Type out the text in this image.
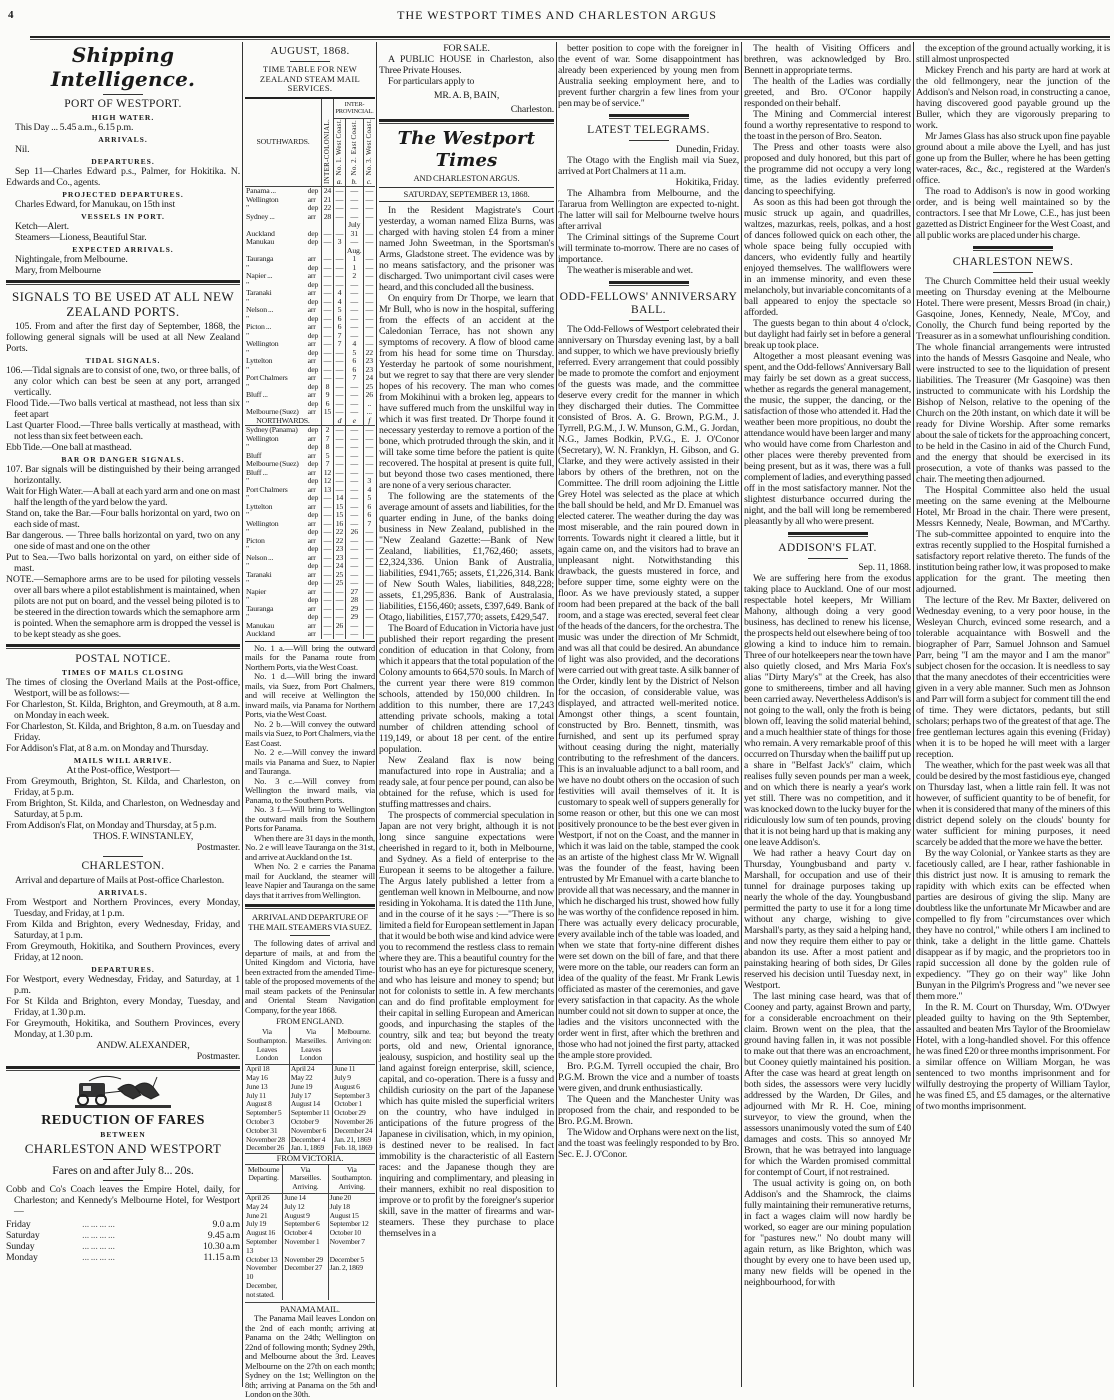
4	THE WESTPORT TIMES AND CHARLESTON ARGUS
Shipping Intelligence.
PORT OF WESTPORT.
HIGH WATER.

This Day ... 5.45 a.m., 6.15 p.m.

ARRIVALS.

Nil.

DEPARTURES.

Sep 11—Charles Edward p.s., Palmer, for Hokitika. N. Edwards and Co., agents.

PROJECTED DEPARTURES.

Charles Edward, for Manukau, on 15th inst

VESSELS IN PORT.

Ketch—Alert.

Steamers—Lioness, Beautiful Star.

EXPECTED ARRIVALS.

Nightingale, from Melbourne.

Mary, from Melbourne

SIGNALS TO BE USED AT ALL NEW ZEALAND PORTS.

105. From and after the first day of September, 1868, the following general signals will be used at all New Zealand Ports.

TIDAL SIGNALS.

106.—Tidal signals are to consist of one, two, or three balls, of any color which can best be seen at any port, arranged vertically.

Flood Tide.—Two balls vertical at masthead, not less than six feet apart

Last Quarter Flood.—Three balls vertically at masthead, with not less than six feet between each.

Ebb Tide.—One ball at masthead.

BAR OR DANGER SIGNALS.

107. Bar signals will be distinguished by their being arranged horizontally.

Wait for High Water.—A ball at each yard arm and one on mast half the length of the yard below the yard.

Stand on, take the Bar.—Four balls horizontal on yard, two on each side of mast.

Bar dangerous. — Three balls horizontal on yard, two on any one side of mast and one on the other

Put to Sea.—Two balls horizontal on yard, on either side of mast.

NOTE.—Semaphore arms are to be used for piloting vessels over all bars where a pilot establishment is maintained, when pilots are not put on board, and the vessel being piloted is to be steered in the direction towards which the semaphore arm is pointed. When the semaphore arm is dropped the vessel is to be kept steady as she goes.

POSTAL NOTICE.
TIMES OF MAILS CLOSING

The times of closing the Overland Mails at the Post-office, Westport, will be as follows:—

For Charleston, St. Kilda, Brighton, and Greymouth, at 8 a.m. on Monday in each week.

For Charleston, St. Kilda, and Brighton, 8 a.m. on Tuesday and Friday.

For Addison's Flat, at 8 a.m. on Monday and Thursday.

MAILS WILL ARRIVE.

At the Post-office, Westport—

From Greymouth, Brighton, St. Kilda, and Charleston, on Friday, at 5 p.m.

From Brighton, St. Kilda, and Charleston, on Wednesday and Saturday, at 5 p.m.

From Addison's Flat, on Monday and Thursday, at 5 p.m.

THOS. F. WINSTANLEY,

Postmaster.

CHARLESTON.

Arrival and departure of Mails at Post-office Charleston.

ARRIVALS.

From Westport and Northern Provinces, every Monday, Tuesday, and Friday, at 1 p.m.

From Kilda and Brighton, every Wednesday, Friday, and Saturday, at 1 p.m.

From Greymouth, Hokitika, and Southern Provinces, every Friday, at 12 noon.

DEPARTURES.

For Westport, every Wednesday, Friday, and Saturday, at 1 p.m.

For St Kilda and Brighton, every Monday, Tuesday, and Friday, at 1.30 p.m.

For Greymouth, Hokitika, and Southern Provinces, every Monday, at 1.30 p.m.

ANDW. ALEXANDER,

Postmaster.

REDUCTION OF FARES
BETWEEN
CHARLESTON AND WESTPORT
Fares on and after July 8... 20s.

Cobb and Co's Coach leaves the Empire Hotel, daily, for Charleston; and Kennedy's Melbourne Hotel, for Westport—

Friday	... ... ... ...	9.0 a.m
Saturday	... ... ... ...	9.45 a.m
Sunday	... ... ... ...	10.30 a.m
Monday	... ... ... ...	11.15 a.m
AUGUST, 1868.
TIME TABLE FOR NEW ZEALAND STEAM MAIL SERVICES.
SOUTHWARDS.		INTER-COLONIAL.	INTER-PROVINCIAL.		
			West Coast.
No. 1.
a.	East Coast.
No. 2.
b.	West Coast.
No. 3.
c.
Panama ...	dep	24	—	—	—
Wellington	arr	21	—	—	—
"	dep	22	—	—	—
Sydney ...	arr	28	—	—	—
				July	
Auckland	dep	—	—	31	—
Manukau	dep	—	3	—	—
				Aug.	
Tauranga	arr	—	—	1	—
"	dep	—	—	1	—
Napier ...	arr	—	—	2	—
"	dep	—	—	—	—
Taranaki	arr	—	4	—	—
"	dep	—	4	—	—
Nelson ...	arr	—	5	—	—
"	dep	—	6	—	—
Picton ...	arr	—	6	—	—
"	dep	—	7	—	—
Wellington	arr	—	7	4	—
"	dep	—	—	5	22
Lyttelton	arr	—	—	6	23
"	dep	—	—	6	23
Port Chalmers	arr	—	—	7	24
"	dep	8	—	—	25
Bluff ...	arr	9	—	—	26
"	dep	6	—	—	..
Melbourne (Suez)	arr	15	—	—	...
NORTHWARDS.			d	e	f
Sydney (Panama)	dep	2	—	—	—
Wellington	arr	7	—	—	—
"	dep	8	—	—	—
Bluff	arr	5	—	—	—
Melbourne (Suez)	dep	7	—	—	—
Bluff ...	arr	12	—	—	—
"	dep	12	—	—	3
Port Chalmers	arr	13	—	—	4
"	dep	—	14	—	5
Lyttelton	arr	—	15	—	6
"	dep	—	15	—	6
Wellington	arr	—	16	—	7
"	dep	—	22	26	—
Picton	arr	—	22	—	—
"	dep	—	23	—	—
Nelson ...	arr	—	23	—	—
"	dep	—	24	—	—
Taranaki	arr	—	25	—	—
"	dep	—	25	—	—
Napier	arr	—	—	27	—
"	dep	—	—	28	—
Tauranga	arr	—	—	29	—
"	dep	—	—	29	—
Manukau	arr	—	26	—	—
Auckland	arr	—	—	—	—

No. 1 a.—Will bring the outward mails for the Panama route from Northern Ports, via the West Coast.

No. 1 d.—Will bring the inward mails, via Suez, from Port Chalmers, and will receive at Wellington the inward mails, via Panama for Northern Ports, via the West Coast.

No. 2 b.—Will convey the outward mails via Suez, to Port Chalmers, via the East Coast.

No. 2 e.—Will convey the inward mails via Panama and Suez, to Napier and Tauranga.

No. 3 c.—Will convey from Wellington the inward mails, via Panama, to the Southern Ports.

No. 3 f.—Will bring to Wellington the outward mails from the Southern Ports for Panama.

When there are 31 days in the month, No. 2 e will leave Tauranga on the 31st, and arrive at Auckland on the 1st.

When No. 2 e carries the Panama mail for Auckland, the steamer will leave Napier and Tauranga on the same days that it arrives from Wellington.

ARRIVAL AND DEPARTURE OF THE MAIL STEAMERS VIA SUEZ.

The following dates of arrival and departure of mails, at and from the United Kingdom and Victoria, have been extracted from the amended Time-table of the proposed movements of the mail steam packets of the Peninsular and Oriental Steam Navigation Company, for the year 1868.

FROM ENGLAND.
Via Southampton. Leaves London	Via Marseilles. Leaves London	Melbourne. Arriving on:
April 18	April 24	June 11
May 16	May 22	July 9
June 13	June 19	August 6
July 11	July 17	September 3
August 8	August 14	October 1
September 5	September 11	October 29
October 3	October 9	November 26
October 31	November 6	December 24
November 28	December 4	Jan. 21, 1869
December 26	Jan. 1, 1869	Feb. 18, 1869
FROM VICTORIA.
Melbourne Departing.	Via Marseilles. Arriving.	Via Southampton. Arriving.
April 26	June 14	June 20
May 24	July 12	July 18
June 21	August 9	August 15
July 19	September 6	September 12
August 16	October 4	October 10
September 13	November 1	November 7
October 13	November 29	December 5
November 10	December 27	Jan. 2, 1869
December, not stated.		
PANAMA MAIL.

The Panama Mail leaves London on the 2nd of each month; arriving at Panama on the 24th; Wellington on 22nd of following month; Sydney 29th, and Melbourne about the 3rd. Leaves Melbourne on the 27th on each month; Sydney on the 1st; Wellington on the 8th; arriving at Panama on the 5th and London on the 30th.

FOR SALE.

A PUBLIC HOUSE in Charleston, also Three Private Houses.

For particulars apply to

MR. A. B, BAIN,

Charleston.

The Westport Times
AND CHARLESTON ARGUS.
SATURDAY, SEPTEMBER 13, 1868.

In the Resident Magistrate's Court yesterday, a woman named Eliza Burns, was charged with having stolen £4 from a miner named John Sweetman, in the Sportsman's Arms, Gladstone street. The evidence was by no means satisfactory, and the prisoner was discharged. Two unimportant civil cases were heard, and this concluded all the business.

On enquiry from Dr Thorpe, we learn that Mr Bull, who is now in the hospital, suffering from the effects of an accident at the Caledonian Terrace, has not shown any symptoms of recovery. A flow of blood came from his head for some time on Thursday. Yesterday he partook of some nourishment, but we regret to say that there are very slender hopes of his recovery. The man who comes from Mokihinui with a broken leg, appears to have suffered much from the unskilful way in which it was first treated. Dr Thorpe found it necessary yesterday to remove a portion of the bone, which protruded through the skin, and it will take some time before the patient is quite recovered. The hospital at present is quite full, but beyond those two cases mentioned, there are none of a very serious character.

The following are the statements of the average amount of assets and liabilities, for the quarter ending in June, of the banks doing business in New Zealand, published in the "New Zealand Gazette:—Bank of New Zealand, liabilities, £1,762,460; assets, £2,324,336. Union Bank of Australia, liabilities, £941,765; assets, £1,226,314. Bank of New South Wales, liabilities, 848,228; assets, £1,295,836. Bank of Australasia, liabilities, £156,460; assets, £397,649. Bank of Otago, liabilities, £157,770; assets, £429,547.

The Board of Education in Victoria have just published their report regarding the present condition of education in that Colony, from which it appears that the total population of the Colony amounts to 664,570 souls. In March of the current year there were 819 common schools, attended by 150,000 children. In addition to this number, there are 17,243 attending private schools, making a total number of children attending school of 119,149, or about 18 per cent. of the entire population.

New Zealand flax is now being manufactured into rope in Australia; and a ready sale, at four pence per pound, can also be obtained for the refuse, which is used for stuffing mattresses and chairs.

The prospects of commercial speculation in Japan are not very bright, although it is not long since sanguine expectations were cheerished in regard to it, both in Melbourne, and Sydney. As a field of enterprise to the European it seems to be altogether a failure. The Argus lately published a letter from a gentleman well known in Melbourne, and now residing in Yokohama. It is dated the 11th June, and in the course of it he says :—"There is so limited a field for European settlement in Japan that it would be both wise and kind advice were you to recommend the restless class to remain where they are. This a beautiful country for the tourist who has an eye for picturesque scenery, and who has leisure and money to spend; but not for colonists to settle in. A few merchants can and do find profitable employment for their capital in selling European and American goods, and inpurchasing the staples of the country, silk and tea; but beyond the treaty ports, old and new, Oriental ignorance, jealousy, suspicion, and hostility seal up the land against foreign enterprise, skill, science, capital, and co-operation. There is a fussy and childish curiosity on the part of the Japanese which has quite misled the superficial writers on the country, who have indulged in anticipations of the future progress of the Japanese in civilisation, which, in my opinion, is destined never to be realised. In fact immobility is the characteristic of all Eastern races: and the Japanese though they are inquiring and complimentary, and pleasing in their manners, exhibit no real disposition to improve or to profit by the foreigner's superior skill, save in the matter of firearms and war-steamers. These they purchase to place themselves in a

better position to cope with the foreigner in the event of war. Some disappointment has already been experienced by young men from Australia seeking employment here, and to prevent further chargrin a few lines from your pen may be of service."

LATEST TELEGRAMS.

Dunedin, Friday.

The Otago with the English mail via Suez, arrived at Port Chalmers at 11 a.m.

Hokitika, Friday.

The Alhambra from Melbourne, and the Tararua from Wellington are expected to-night. The latter will sail for Melbourne twelve hours after arrival

The Criminal sittings of the Supreme Court will terminate to-morrow. There are no cases of importance.

The weather is miserable and wet.

ODD-FELLOWS' ANNIVERSARY BALL.

The Odd-Fellows of Westport celebrated their anniversary on Thursday evening last, by a ball and supper, to which we have previously briefly referred. Every arrangement that could possibly be made to promote the comfort and enjoyment of the guests was made, and the committee deserve every credit for the manner in which they discharged their duties. The Committee consisted of Bros. A. G. Brown, P.G.M., J. Tyrrell, P.G.M., J. W. Munson, G.M., G. Jordan, N.G., James Bodkin, P.V.G., E. J. O'Conor (Secretary), W. N. Franklyn, H. Gibson, and G. Clarke, and they were actively assisted in their labors by others of the brethren, not on the Committee. The drill room adjoining the Little Grey Hotel was selected as the place at which the ball should be held, and Mr D. Emanuel was elected caterer. The weather during the day was most miserable, and the rain poured down in torrents. Towards night it cleared a little, but it again came on, and the visitors had to brave an unpleasant night. Notwithstanding this drawback, the guests mustered in force, and before supper time, some eighty were on the floor. As we have previously stated, a supper room had been prepared at the back of the ball room, and a stage was erected, several feet clear of the heads of the dancers, for the orchestra. The music was under the direction of Mr Schmidt, and was all that could be desired. An abundance of light was also provided, and the decorations were carried out with great taste. A silk banner of the Order, kindly lent by the District of Nelson for the occasion, of considerable value, was displayed, and attracted well-merited notice. Amongst other things, a scent fountain, constructed by Bro. Bennett, tinsmith, was furnished, and sent up its perfumed spray without ceasing during the night, materially contributing to the refreshment of the dancers. This is an invaluable adjunct to a ball room, and we have no doubt others on the occasion of such festivities will avail themselves of it. It is customary to speak well of suppers generally for some reason or other, but this one we can most positively pronounce to be the best ever given in Westport, if not on the Coast, and the manner in which it was laid on the table, stamped the cook as an artiste of the highest class Mr W. Wignall was the founder of the feast, having been entrusted by Mr Emanuel with a carte blanche to provide all that was necessary, and the manner in which he discharged his trust, showed how fully he was worthy of the confidence reposed in him. There was actually every delicacy procurable, every available inch of the table was loaded, and when we state that forty-nine different dishes were set down on the bill of fare, and that there were more on the table, our readers can form an idea of the quality of the feast. Mr Frank Lewis officiated as master of the ceremonies, and gave every satisfaction in that capacity. As the whole number could not sit down to supper at once, the ladies and the visitors unconnected with the order went in first, after which the brethren and those who had not joined the first party, attacked the ample store provided.

Bro. P.G.M. Tyrrell occupied the chair, Bro P.G.M. Brown the vice and a number of toasts were given, and drunk enthusiastically.

The Queen and the Manchester Unity was proposed from the chair, and responded to be Bro. P.G.M. Brown.

The Widow and Orphans were next on the list, and the toast was feelingly responded to by Bro. Sec. E. J. O'Conor.

The health of Visiting Officers and brethren, was acknowledged by Bro. Bennett in appropriate terms.

The health of the Ladies was cordially greeted, and Bro. O'Conor happily responded on their behalf.

The Mining and Commercial interest found a worthy representative to respond to the toast in the person of Bro. Seaton.

The Press and other toasts were also proposed and duly honored, but this part of the programme did not occupy a very long time, as the ladies evidently preferred dancing to speechifying.

As soon as this had been got through the music struck up again, and quadrilles, waltzes, mazurkas, reels, polkas, and a host of dances followed quick on each other, the whole space being fully occupied with dancers, who evidently fully and heartily enjoyed themselves. The wallflowers were in an immense minority, and even these melancholy, but invariable concomitants of a ball appeared to enjoy the spectacle so afforded.

The guests began to thin about 4 o'clock, but daylight had fairly set in before a general break up took place.

Altogether a most pleasant evening was spent, and the Odd-fellows' Anniversary Ball may fairly be set down as a great success, whether as regards the general management, the music, the supper, the dancing, or the satisfaction of those who attended it. Had the weather been more propitious, no doubt the attendance would have been larger and many who would have come from Charleston and other places were thereby prevented from being present, but as it was, there was a full complement of ladies, and everything passed off in the most satisfactory manner. Not the slightest disturbance occurred during the night, and the ball will long be remembered pleasantly by all who were present.

ADDISON'S FLAT.

Sep. 11, 1868.

We are suffering here from the exodus taking place to Auckland. One of our most respectable hotel keepers, Mr William Mahony, although doing a very good business, has declined to renew his license, the prospects held out elsewhere being of too glowing a kind to induce him to remain. Three of our hotelkeepers near the town have also quietly closed, and Mrs Maria Fox's alias "Dirty Mary's" at the Creek, has also gone to smithereens, timber and all having been carried away. Nevertheless Addison's is not going to the wall, only the froth is being blown off, leaving the solid material behind, and a much healthier state of things for those who remain. A very remarkable proof of this occurred on Thursday when the bailiff put up a share in "Belfast Jack's" claim, which realises fully seven pounds per man a week, and on which there is nearly a year's work yet still. There was no competition, and it was knocked down to the lucky buyer for the ridiculously low sum of ten pounds, proving that it is not being hard up that is making any one leave Addison's.

We had rather a heavy Court day on Thursday, Youngbusband and party v. Marshall, for occupation and use of their tunnel for drainage purposes taking up nearly the whole of the day. Youngbusband permitted the party to use it for a long time without any charge, wishing to give Marshall's party, as they said a helping hand, and now they require them either to pay or abandon its use. After a most patient and painstaking hearing of both sides, Dr Giles reserved his decision until Tuesday next, in Westport.

The last mining case heard, was that of Cooney and party, against Brown and party, for a considerable encroachment on their claim. Brown went on the plea, that the ground having fallen in, it was not possible to make out that there was an encroachment, but Cooney quietly maintained his position. After the case was heard at great length on both sides, the assessors were very lucidly addressed by the Warden, Dr Giles, and adjourned with Mr R. H. Coe, mining surveyor, to view the ground, when the assessors unanimously voted the sum of £40 damages and costs. This so annoyed Mr Brown, that he was betrayed into language for which the Warden promised committal for contempt of Court, if not restrained.

The usual activity is going on, on both Addison's and the Shamrock, the claims fully maintaining their remunerative returns, in fact a wages claim will now hardly be worked, so eager are our mining population for "pastures new." No doubt many will again return, as like Brighton, which was thought by every one to have been used up, many new fields will be opened in the neighbourhood, for with

the exception of the ground actually working, it is still almost unprospected

Mickey French and his party are hard at work at the old fellmongery, near the junction of the Addison's and Nelson road, in constructing a canoe, having discovered good payable ground up the Buller, which they are vigorously preparing to work.

Mr James Glass has also struck upon fine payable ground about a mile above the Lyell, and has just gone up from the Buller, where he has been getting water-races, &c., &c., registered at the Warden's office.

The road to Addison's is now in good working order, and is being well maintained so by the contractors. I see that Mr Lowe, C.E., has just been gazetted as District Engineer for the West Coast, and all public works are placed under his charge.

CHARLESTON NEWS.

The Church Committee held their usual weekly meeting on Thursday evening at the Melbourne Hotel. There were present, Messrs Broad (in chair,) Gasqoine, Jones, Kennedy, Neale, M'Coy, and Conolly, the Church fund being reported by the Treasurer as in a somewhat unflourishing condition. The whole financial arrangements were intrusted into the hands of Messrs Gasqoine and Neale, who were instructed to see to the liquidation of present liabilities. The Treasurer (Mr Gasqoine) was then instructed to communicate with his Lordship the Bishop of Nelson, relative to the opening of the Church on the 20th instant, on which date it will be ready for Divine Worship. After some remarks about the sale of tickets for the approaching concert, to be held in the Casino in aid of the Church Fund, and the energy that should be exercised in its prosecution, a vote of thanks was passed to the chair. The meeting then adjourned.

The Hospital Committee also held the usual meeting on the same evening at the Melbourne Hotel, Mr Broad in the chair. There were present, Messrs Kennedy, Neale, Bowman, and M'Carthy. The sub-committee appointed to enquire into the extras recently supplied to the Hospital furnished a satisfactory report relative thereto. The funds of the institution being rather low, it was proposed to make application for the grant. The meeting then adjourned.

The lecture of the Rev. Mr Baxter, delivered on Wednesday evening, to a very poor house, in the Wesleyan Church, evinced some research, and a tolerable acquaintance with Boswell and the biographer of Parr, Samuel Johnson and Samuel Parr, being "I am the mayor and I am the manor" subject chosen for the occasion. It is needless to say that the many anecdotes of their eccentricities were given in a very able manner. Such men as Johnson and Parr will form a subject for comment till the end of time. They were dictators, pedants, but still scholars; perhaps two of the greatest of that age. The free gentleman lectures again this evening (Friday) when it is to be hoped he will meet with a larger reception.

The weather, which for the past week was all that could be desired by the most fastidious eye, changed on Thursday last, when a little rain fell. It was not however, of sufficient quantity to be of benefit, for when it is considered that many of the miners of this district depend solely on the clouds' bounty for water sufficient for mining purposes, it need scarcely be added that the more we have the better.

By the way Colonial, or Yankee starts as they are facetiously called, are I hear, rather fashionable in this district just now. It is amusing to remark the rapidity with which exits can be effected when parties are desirous of giving the slip. Many are doubtless like the unfortunate Mr Micawber and are compelled to fly from "circumstances over which they have no control," while others I am inclined to think, take a delight in the little game. Chattels disappear as if by magic, and the proprietors too in rapid succession all done by the golden rule of expediency. "They go on their way" like John Bunyan in the Pilgrim's Progress and "we never see them more."

In the R. M. Court on Thursday, Wm. O'Dwyer pleaded guilty to having on the 9th September, assaulted and beaten Mrs Taylor of the Broomielaw Hotel, with a long-handled shovel. For this offence he was fined £20 or three months imprisonment. For a similar offence on William Morgan, he was sentenced to two months imprisonment and for wilfully destroying the property of William Taylor, he was fined £5, and £5 damages, or the alternative of two months imprisonment.
